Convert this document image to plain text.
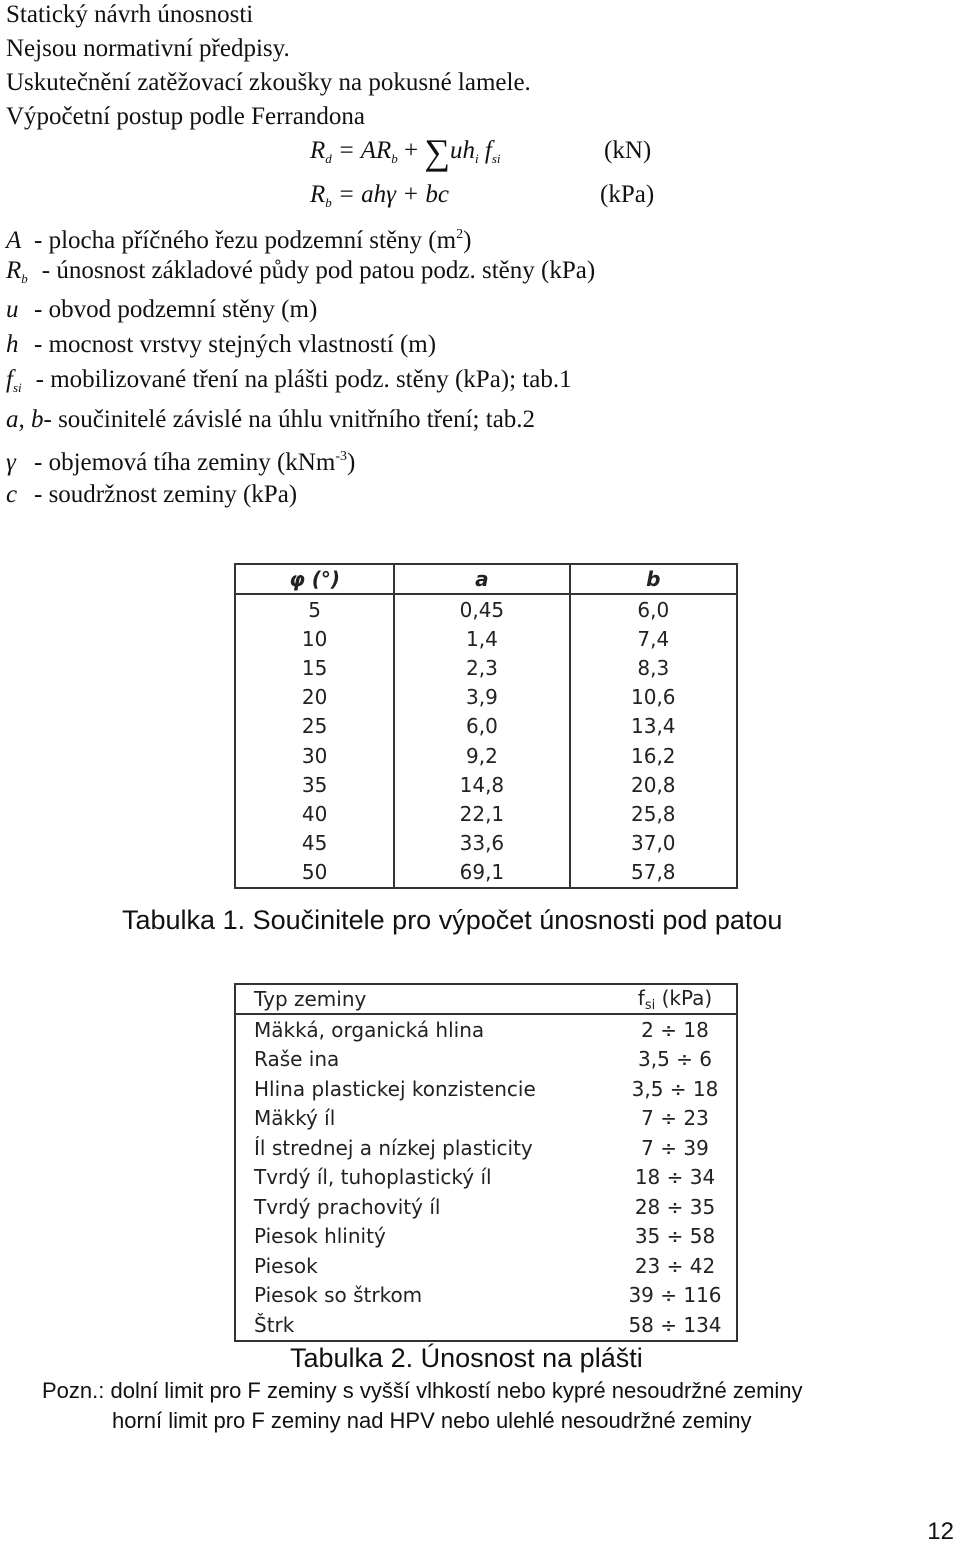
Statický návrh únosnosti
Nejsou normativní předpisy.
Uskutečnění zatěžovací zkoušky na pokusné lamele.
Výpočetní postup podle Ferrandona
$R_d = AR_b + \sum uh_i$ $f_{si}$	(kN)
$R_b = ah\gamma$ + bc	(kPa)
A - plocha příčného řezu podzemní stěny $(m^2)$
$R_b$ - únosnost základové půdy pod patou podz. stěny (kPa)
u - obvod podzemní stěny (m)
h - mocnost vrstvy stejných vlastností (m)
$f_{si}$ - mobilizované tření na plášti podz. stěny (kPa); tab.1
a, b- součinitelé závislé na úhlu vnitřního tření; tab.2
γ - objemová tíha zeminy (kNm$^{-3}$)
c - soudržnost zeminy (kPa)
φ (°)	a	b
5	0,45	6,0
10	1,4	7,4
15	2,3	8,3
20	3,9	10,6
25	6,0	13,4
30	9,2	16,2
35	14,8	20,8
40	22,1	25,8
45	33,6	37,0
50	69,1	57,8
Tabulka 1. Součinitele pro výpočet únosnosti pod patou
Typ zeminy	$f_{si}$ (kPa)
Mäkká, organická hlina	2 ÷ 18
Raše ina	3,5 ÷ 6
Hlina plastickej konzistencie	3,5 ÷ 18
Mäkký íl	7 ÷ 23
Íl strednej a nízkej plasticity	7 ÷ 39
Tvrdý íl, tuhoplastický íl	18 ÷ 34
Tvrdý prachovitý íl	28 ÷ 35
Piesok hlinitý	35 ÷ 58
Piesok	23 ÷ 42
Piesok so štrkom	39 ÷ 116
Štrk	58 ÷ 134
Tabulka 2. Únosnost na plášti
Pozn.: dolní limit pro F zeminy s vyšší vlhkostí nebo kypré nesoudržné zeminy
horní limit pro F zeminy nad HPV nebo ulehlé nesoudržné zeminy
12
